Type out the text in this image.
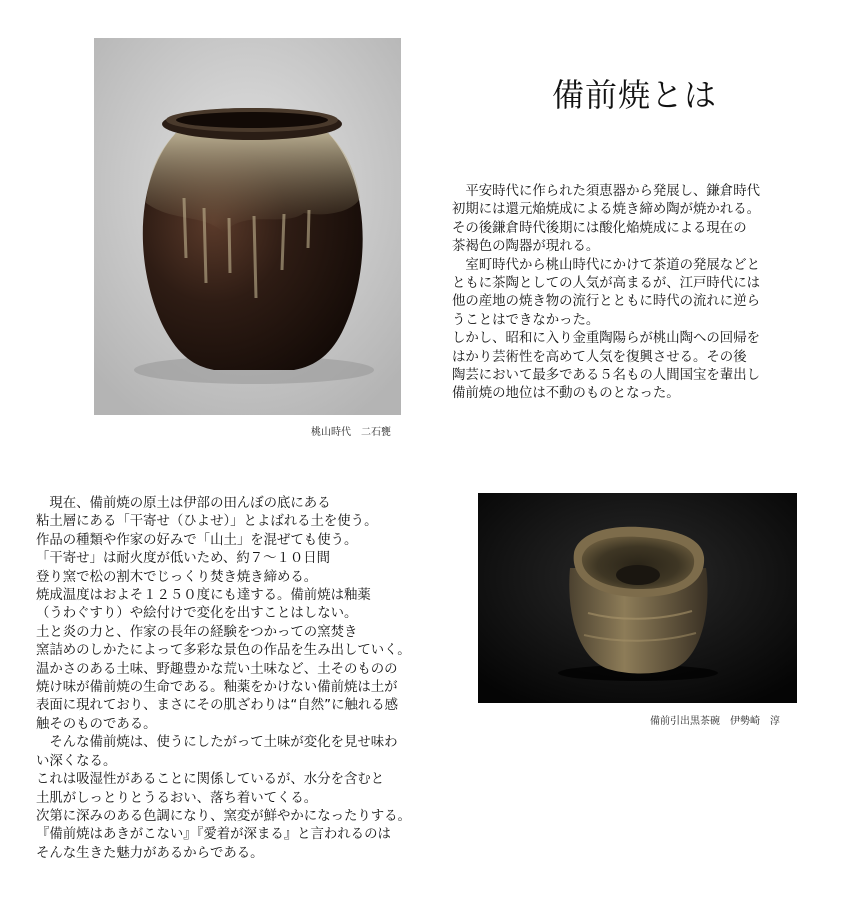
桃山時代　二石甕
備前焼とは
　平安時代に作られた須恵器から発展し、鎌倉時代
初期には還元焔焼成による焼き締め陶が焼かれる。
その後鎌倉時代後期には酸化焔焼成による現在の
茶褐色の陶器が現れる。
　室町時代から桃山時代にかけて茶道の発展などと
ともに茶陶としての人気が高まるが、江戸時代には
他の産地の焼き物の流行とともに時代の流れに逆ら
うことはできなかった。
しかし、昭和に入り金重陶陽らが桃山陶への回帰を
はかり芸術性を高めて人気を復興させる。その後
陶芸において最多である５名もの人間国宝を輩出し
備前焼の地位は不動のものとなった。
　現在、備前焼の原土は伊部の田んぼの底にある
粘土層にある「干寄せ（ひよせ）」とよばれる土を使う。
作品の種類や作家の好みで「山土」を混ぜても使う。
「干寄せ」は耐火度が低いため、約７～１０日間
登り窯で松の割木でじっくり焚き焼き締める。
焼成温度はおよそ１２５０度にも達する。備前焼は釉薬
（うわぐすり）や絵付けで変化を出すことはしない。
土と炎の力と、作家の長年の経験をつかっての窯焚き
窯詰めのしかたによって多彩な景色の作品を生み出していく。
温かさのある土味、野趣豊かな荒い土味など、土そのものの
焼け味が備前焼の生命である。釉薬をかけない備前焼は土が
表面に現れており、まさにその肌ざわりは“自然”に触れる感
触そのものである。
　そんな備前焼は、使うにしたがって土味が変化を見せ味わ
い深くなる。
これは吸湿性があることに関係しているが、水分を含むと
土肌がしっとりとうるおい、落ち着いてくる。
次第に深みのある色調になり、窯変が鮮やかになったりする。
『備前焼はあきがこない』『愛着が深まる』と言われるのは
そんな生きた魅力があるからである。
備前引出黒茶碗　伊勢崎　淳
